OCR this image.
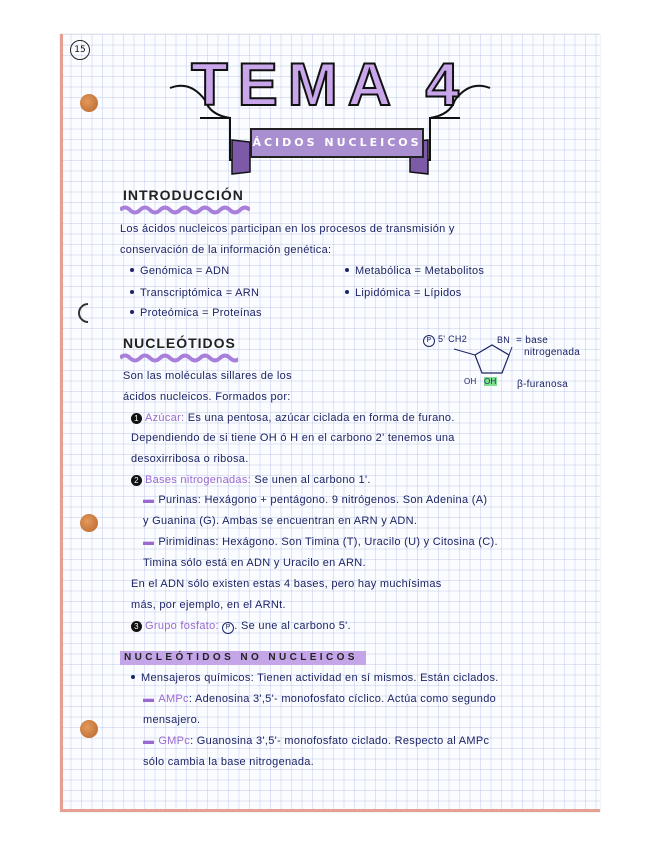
15
TEMA 4
ÁCIDOS NUCLEICOS
INTRODUCCIÓN
Los ácidos nucleicos participan en los procesos de transmisión y
conservación de la información genética:
Genómica = ADN
Transcriptómica = ARN
Proteómica = Proteínas
Metabólica = Metabolitos
Lipidómica = Lípidos
NUCLEÓTIDOS	P 5' CH2	BN = base
nitrogenada
OH OH β-furanosa
Son las moléculas sillares de los
ácidos nucleicos. Formados por:
1 Azúcar: Es una pentosa, azúcar ciclada en forma de furano.
Dependiendo de si tiene OH ó H en el carbono 2' tenemos una
desoxirribosa o ribosa.
2 Bases nitrogenadas: Se unen al carbono 1'.
▬ Purinas: Hexágono + pentágono. 9 nitrógenos. Son Adenina (A)
y Guanina (G). Ambas se encuentran en ARN y ADN.
▬ Pirimidinas: Hexágono. Son Timina (T), Uracilo (U) y Citosina (C).
Timina sólo está en ADN y Uracilo en ARN.
En el ADN sólo existen estas 4 bases, pero hay muchísimas
más, por ejemplo, en el ARNt.
3 Grupo fosfato: P . Se une al carbono 5'.
NUCLEÓTIDOS NO NUCLEICOS
Mensajeros químicos: Tienen actividad en sí mismos. Están ciclados.
▬ AMPc: Adenosina 3',5'- monofosfato cíclico. Actúa como segundo
mensajero.
▬ GMPc: Guanosina 3',5'- monofosfato ciclado. Respecto al AMPc
sólo cambia la base nitrogenada.
